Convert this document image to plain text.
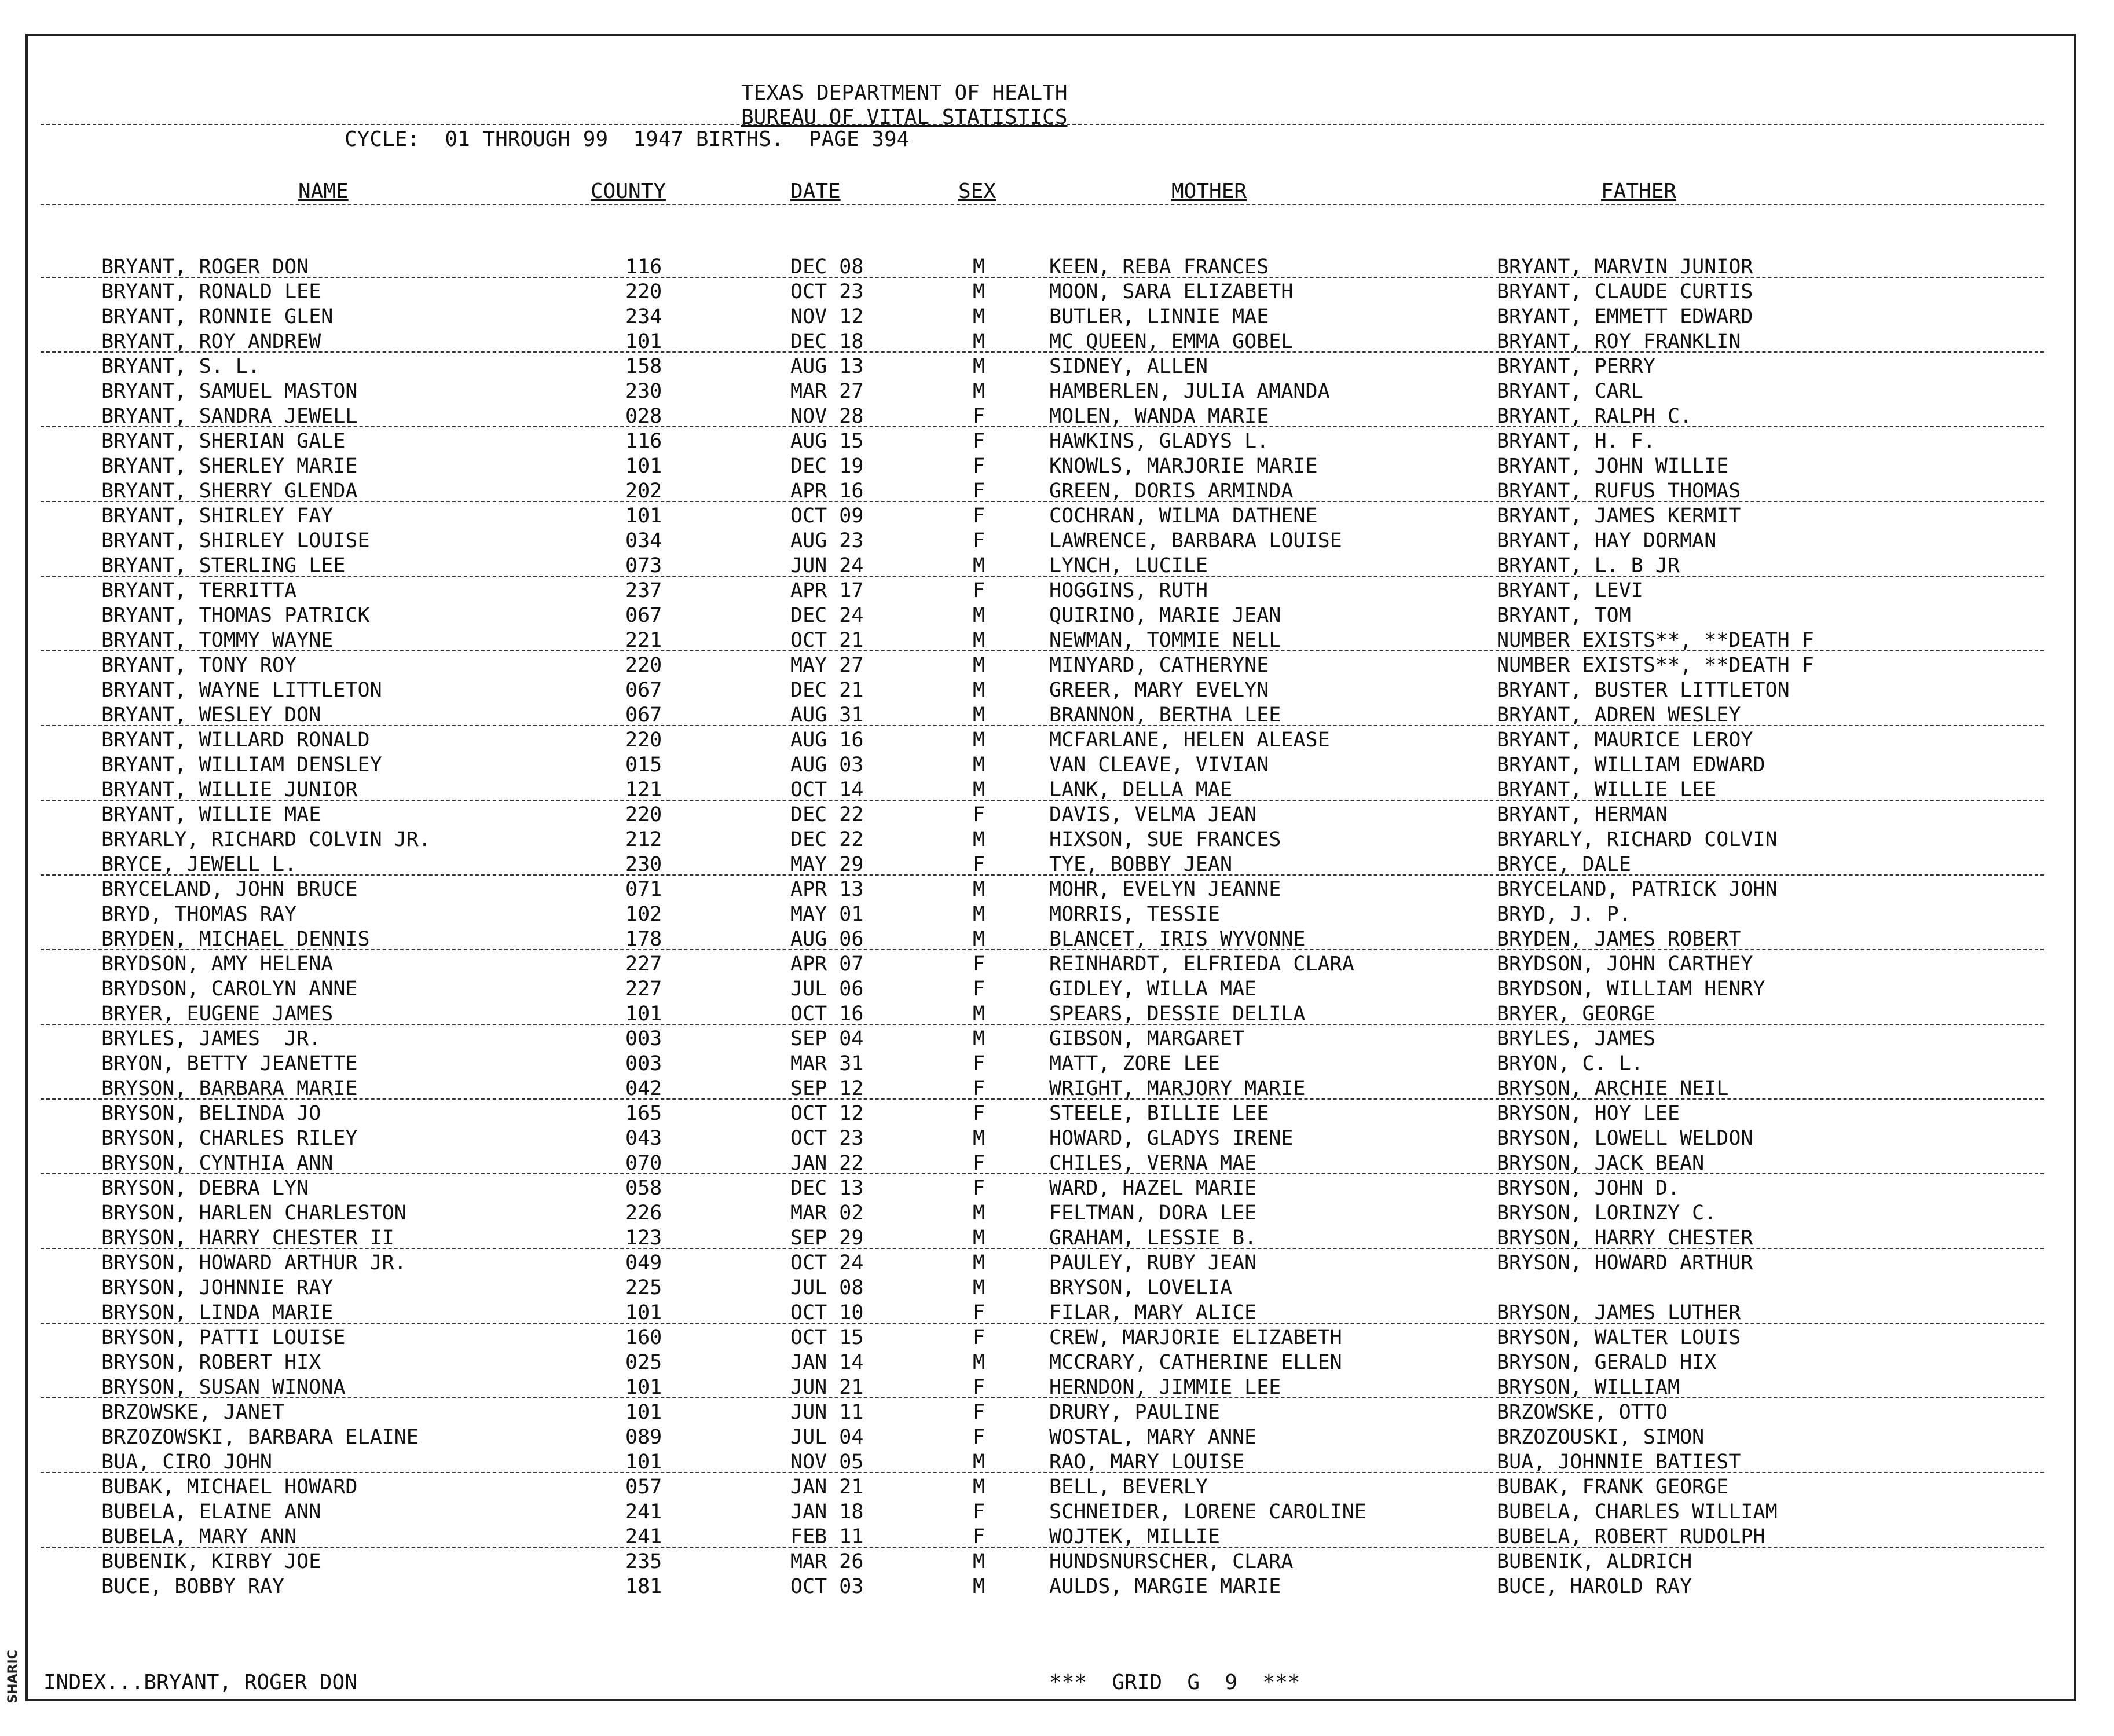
SHARIC
TEXAS DEPARTMENT OF HEALTH
BUREAU OF VITAL STATISTICS
CYCLE:  01 THROUGH 99  1947 BIRTHS.  PAGE 394
NAME	COUNTY	DATE	SEX	MOTHER	FATHER
BRYANT, ROGER DON	116	DEC 08	M	KEEN, REBA FRANCES	BRYANT, MARVIN JUNIOR
BRYANT, RONALD LEE	220	OCT 23	M	MOON, SARA ELIZABETH	BRYANT, CLAUDE CURTIS
BRYANT, RONNIE GLEN	234	NOV 12	M	BUTLER, LINNIE MAE	BRYANT, EMMETT EDWARD
BRYANT, ROY ANDREW	101	DEC 18	M	MC QUEEN, EMMA GOBEL	BRYANT, ROY FRANKLIN
BRYANT, S. L.	158	AUG 13	M	SIDNEY, ALLEN	BRYANT, PERRY
BRYANT, SAMUEL MASTON	230	MAR 27	M	HAMBERLEN, JULIA AMANDA	BRYANT, CARL
BRYANT, SANDRA JEWELL	028	NOV 28	F	MOLEN, WANDA MARIE	BRYANT, RALPH C.
BRYANT, SHERIAN GALE	116	AUG 15	F	HAWKINS, GLADYS L.	BRYANT, H. F.
BRYANT, SHERLEY MARIE	101	DEC 19	F	KNOWLS, MARJORIE MARIE	BRYANT, JOHN WILLIE
BRYANT, SHERRY GLENDA	202	APR 16	F	GREEN, DORIS ARMINDA	BRYANT, RUFUS THOMAS
BRYANT, SHIRLEY FAY	101	OCT 09	F	COCHRAN, WILMA DATHENE	BRYANT, JAMES KERMIT
BRYANT, SHIRLEY LOUISE	034	AUG 23	F	LAWRENCE, BARBARA LOUISE	BRYANT, HAY DORMAN
BRYANT, STERLING LEE	073	JUN 24	M	LYNCH, LUCILE	BRYANT, L. B JR
BRYANT, TERRITTA	237	APR 17	F	HOGGINS, RUTH	BRYANT, LEVI
BRYANT, THOMAS PATRICK	067	DEC 24	M	QUIRINO, MARIE JEAN	BRYANT, TOM
BRYANT, TOMMY WAYNE	221	OCT 21	M	NEWMAN, TOMMIE NELL	NUMBER EXISTS**, **DEATH F
BRYANT, TONY ROY	220	MAY 27	M	MINYARD, CATHERYNE	NUMBER EXISTS**, **DEATH F
BRYANT, WAYNE LITTLETON	067	DEC 21	M	GREER, MARY EVELYN	BRYANT, BUSTER LITTLETON
BRYANT, WESLEY DON	067	AUG 31	M	BRANNON, BERTHA LEE	BRYANT, ADREN WESLEY
BRYANT, WILLARD RONALD	220	AUG 16	M	MCFARLANE, HELEN ALEASE	BRYANT, MAURICE LEROY
BRYANT, WILLIAM DENSLEY	015	AUG 03	M	VAN CLEAVE, VIVIAN	BRYANT, WILLIAM EDWARD
BRYANT, WILLIE JUNIOR	121	OCT 14	M	LANK, DELLA MAE	BRYANT, WILLIE LEE
BRYANT, WILLIE MAE	220	DEC 22	F	DAVIS, VELMA JEAN	BRYANT, HERMAN
BRYARLY, RICHARD COLVIN JR.	212	DEC 22	M	HIXSON, SUE FRANCES	BRYARLY, RICHARD COLVIN
BRYCE, JEWELL L.	230	MAY 29	F	TYE, BOBBY JEAN	BRYCE, DALE
BRYCELAND, JOHN BRUCE	071	APR 13	M	MOHR, EVELYN JEANNE	BRYCELAND, PATRICK JOHN
BRYD, THOMAS RAY	102	MAY 01	M	MORRIS, TESSIE	BRYD, J. P.
BRYDEN, MICHAEL DENNIS	178	AUG 06	M	BLANCET, IRIS WYVONNE	BRYDEN, JAMES ROBERT
BRYDSON, AMY HELENA	227	APR 07	F	REINHARDT, ELFRIEDA CLARA	BRYDSON, JOHN CARTHEY
BRYDSON, CAROLYN ANNE	227	JUL 06	F	GIDLEY, WILLA MAE	BRYDSON, WILLIAM HENRY
BRYER, EUGENE JAMES	101	OCT 16	M	SPEARS, DESSIE DELILA	BRYER, GEORGE
BRYLES, JAMES  JR.	003	SEP 04	M	GIBSON, MARGARET	BRYLES, JAMES
BRYON, BETTY JEANETTE	003	MAR 31	F	MATT, ZORE LEE	BRYON, C. L.
BRYSON, BARBARA MARIE	042	SEP 12	F	WRIGHT, MARJORY MARIE	BRYSON, ARCHIE NEIL
BRYSON, BELINDA JO	165	OCT 12	F	STEELE, BILLIE LEE	BRYSON, HOY LEE
BRYSON, CHARLES RILEY	043	OCT 23	M	HOWARD, GLADYS IRENE	BRYSON, LOWELL WELDON
BRYSON, CYNTHIA ANN	070	JAN 22	F	CHILES, VERNA MAE	BRYSON, JACK BEAN
BRYSON, DEBRA LYN	058	DEC 13	F	WARD, HAZEL MARIE	BRYSON, JOHN D.
BRYSON, HARLEN CHARLESTON	226	MAR 02	M	FELTMAN, DORA LEE	BRYSON, LORINZY C.
BRYSON, HARRY CHESTER II	123	SEP 29	M	GRAHAM, LESSIE B.	BRYSON, HARRY CHESTER
BRYSON, HOWARD ARTHUR JR.	049	OCT 24	M	PAULEY, RUBY JEAN	BRYSON, HOWARD ARTHUR
BRYSON, JOHNNIE RAY	225	JUL 08	M	BRYSON, LOVELIA
BRYSON, LINDA MARIE	101	OCT 10	F	FILAR, MARY ALICE	BRYSON, JAMES LUTHER
BRYSON, PATTI LOUISE	160	OCT 15	F	CREW, MARJORIE ELIZABETH	BRYSON, WALTER LOUIS
BRYSON, ROBERT HIX	025	JAN 14	M	MCCRARY, CATHERINE ELLEN	BRYSON, GERALD HIX
BRYSON, SUSAN WINONA	101	JUN 21	F	HERNDON, JIMMIE LEE	BRYSON, WILLIAM
BRZOWSKE, JANET	101	JUN 11	F	DRURY, PAULINE	BRZOWSKE, OTTO
BRZOZOWSKI, BARBARA ELAINE	089	JUL 04	F	WOSTAL, MARY ANNE	BRZOZOUSKI, SIMON
BUA, CIRO JOHN	101	NOV 05	M	RAO, MARY LOUISE	BUA, JOHNNIE BATIEST
BUBAK, MICHAEL HOWARD	057	JAN 21	M	BELL, BEVERLY	BUBAK, FRANK GEORGE
BUBELA, ELAINE ANN	241	JAN 18	F	SCHNEIDER, LORENE CAROLINE	BUBELA, CHARLES WILLIAM
BUBELA, MARY ANN	241	FEB 11	F	WOJTEK, MILLIE	BUBELA, ROBERT RUDOLPH
BUBENIK, KIRBY JOE	235	MAR 26	M	HUNDSNURSCHER, CLARA	BUBENIK, ALDRICH
BUCE, BOBBY RAY	181	OCT 03	M	AULDS, MARGIE MARIE	BUCE, HAROLD RAY
INDEX...BRYANT, ROGER DON	***  GRID  G  9  ***
